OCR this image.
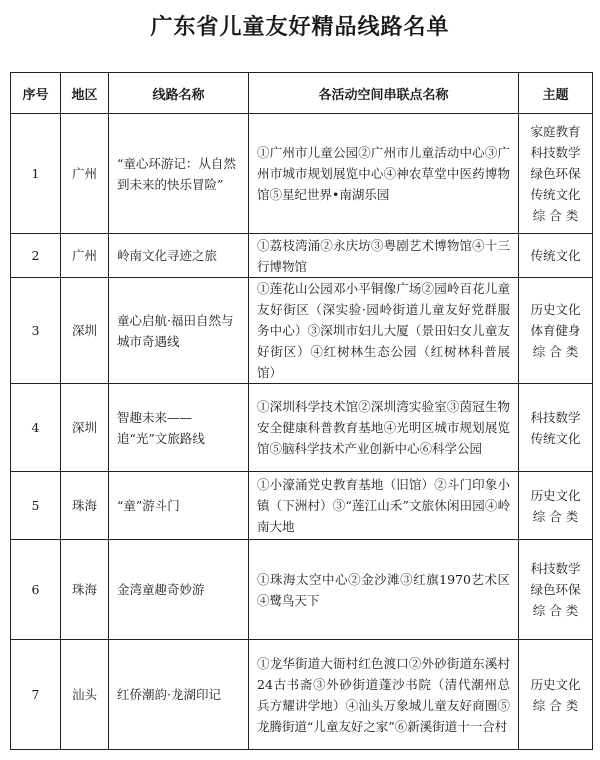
广东省儿童友好精品线路名单
序号	地区	线路名称	各活动空间串联点名称	主题
1	广州	“童心环游记：从自然到未来的快乐冒险”	①广州市儿童公园②广州市儿童活动中心③广州市城市规划展览中心④神农草堂中医药博物馆⑤星纪世界•南湖乐园	家庭教育
科技数学
绿色环保
传统文化
综 合 类

2	广州	岭南文化寻迹之旅	①荔枝湾涌②永庆坊③粤剧艺术博物馆④十三行博物馆	传统文化

3	深圳	童心启航·福田自然与城市奇遇线	①莲花山公园邓小平铜像广场②园岭百花儿童友好街区（深实验·园岭街道儿童友好党群服务中心）③深圳市妇儿大厦（景田妇女儿童友好街区）④红树林生态公园（红树林科普展馆）	历史文化
体育健身
综 合 类

4	深圳	智趣未来——追“光”文旅路线	①深圳科学技术馆②深圳湾实验室③茵冠生物安全健康科普教育基地④光明区城市规划展览馆⑤脑科学技术产业创新中心⑥科学公园	科技数学
传统文化

5	珠海	“童”游斗门	①小濠涌党史教育基地（旧馆）②斗门印象小镇（下洲村）③“莲江山禾”文旅休闲田园④岭南大地	历史文化
综 合 类

6	珠海	金湾童趣奇妙游	①珠海太空中心②金沙滩③红旗1970艺术区④鹭鸟天下	科技数学
绿色环保
综 合 类

7	汕头	红侨潮韵·龙湖印记	①龙华街道大衙村红色渡口②外砂街道东溪村24古书斋③外砂街道蓬沙书院（清代潮州总兵方耀讲学地）④汕头万象城儿童友好商圈⑤龙腾街道“儿童友好之家”⑥新溪街道十一合村	历史文化
综 合 类
